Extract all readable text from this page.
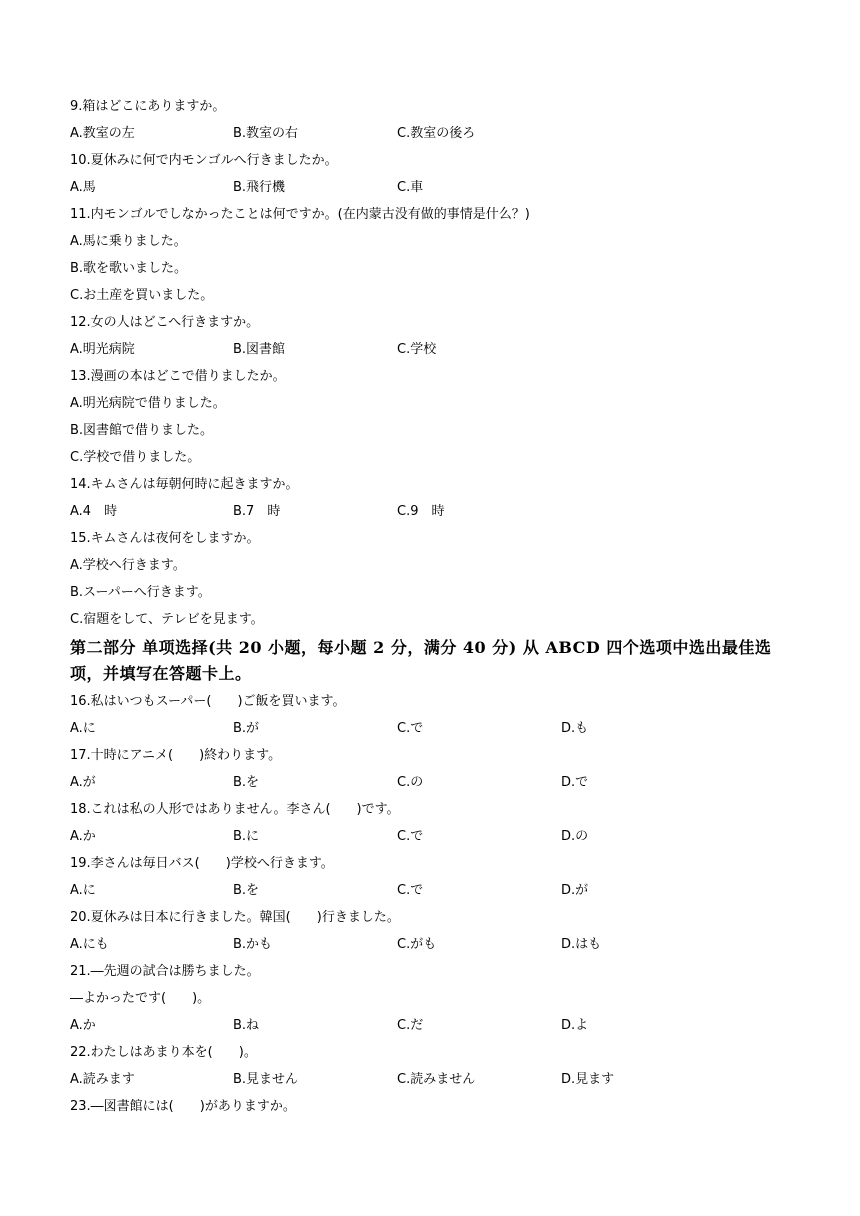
9.箱はどこにありますか。
A.教室の左	B.教室の右	C.教室の後ろ
10.夏休みに何で内モンゴルへ行きましたか。
A.馬	B.飛行機	C.車
11.内モンゴルでしなかったことは何ですか。(在内蒙古没有做的事情是什么？)
A.馬に乗りました。
B.歌を歌いました。
C.お土産を買いました。
12.女の人はどこへ行きますか。
A.明光病院	B.図書館	C.学校
13.漫画の本はどこで借りましたか。
A.明光病院で借りました。
B.図書館で借りました。
C.学校で借りました。
14.キムさんは毎朝何時に起きますか。
A.4　時	B.7　時	C.9　時
15.キムさんは夜何をしますか。
A.学校へ行きます。
B.スーパーへ行きます。
C.宿題をして、テレビを見ます。
第二部分 单项选择(共 20 小题，每小题 2 分，满分 40 分) 从 ABCD 四个选项中选出最佳选
项，并填写在答题卡上。
16.私はいつもスーパー(　　)ご飯を買います。
A.に	B.が	C.で	D.も
17.十時にアニメ(　　)終わります。
A.が	B.を	C.の	D.で
18.これは私の人形ではありません。李さん(　　)です。
A.か	B.に	C.で	D.の
19.李さんは毎日バス(　　)学校へ行きます。
A.に	B.を	C.で	D.が
20.夏休みは日本に行きました。韓国(　　)行きました。
A.にも	B.かも	C.がも	D.はも
21.―先週の試合は勝ちました。
―よかったです(　　)。
A.か	B.ね	C.だ	D.よ
22.わたしはあまり本を(　　)。
A.読みます	B.見ません	C.読みません	D.見ます
23.―図書館には(　　)がありますか。
